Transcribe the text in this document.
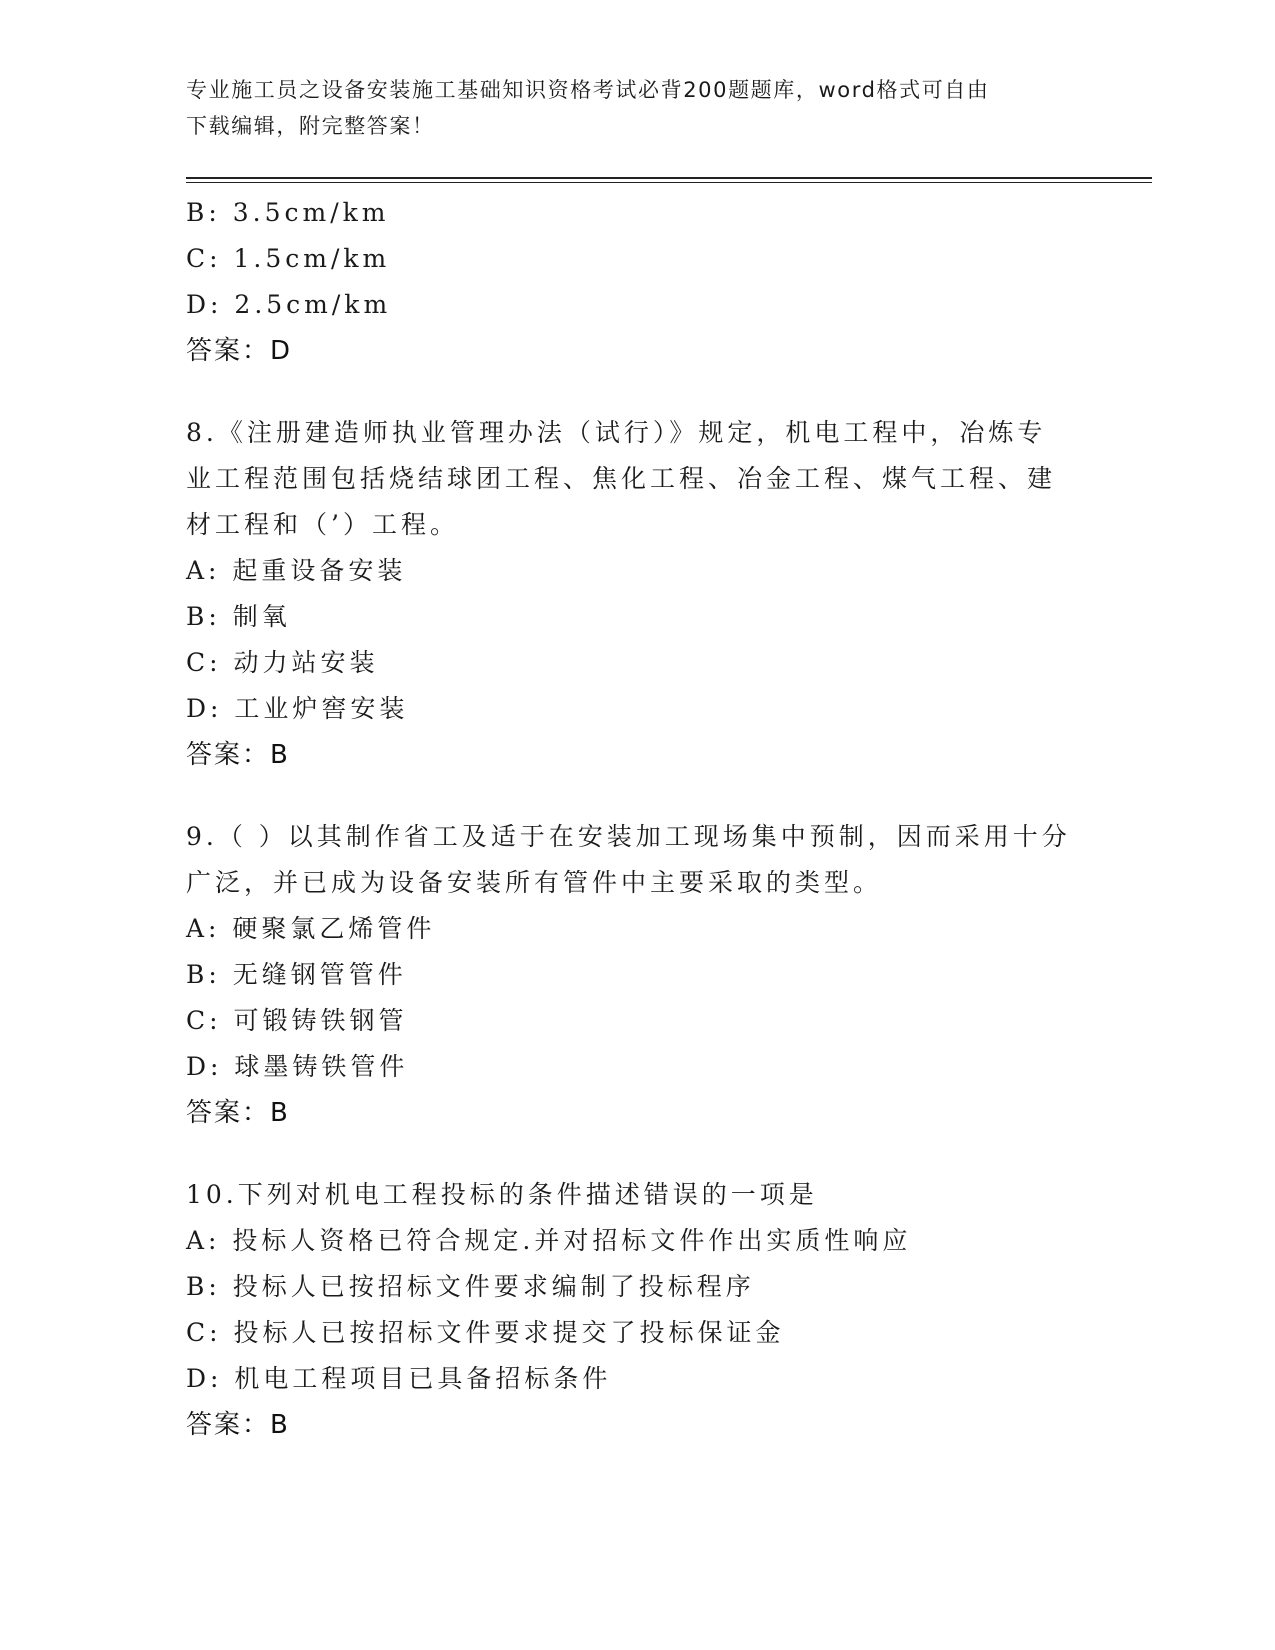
专业施工员之设备安装施工基础知识资格考试必背200题题库，word格式可自由
下载编辑，附完整答案！
B: 3.5cm/km
C: 1.5cm/km
D: 2.5cm/km
答案：D
8.《注册建造师执业管理办法（试行）》规定，机电工程中，冶炼专
业工程范围包括烧结球团工程、焦化工程、冶金工程、煤气工程、建
材工程和（’）工程。
A: 起重设备安装
B: 制氧
C: 动力站安装
D: 工业炉窖安装
答案：B
9.（ ）以其制作省工及适于在安装加工现场集中预制，因而采用十分
广泛，并已成为设备安装所有管件中主要采取的类型。
A: 硬聚氯乙烯管件
B: 无缝钢管管件
C: 可锻铸铁钢管
D: 球墨铸铁管件
答案：B
10.下列对机电工程投标的条件描述错误的一项是
A: 投标人资格已符合规定.并对招标文件作出实质性响应
B: 投标人已按招标文件要求编制了投标程序
C: 投标人已按招标文件要求提交了投标保证金
D: 机电工程项目已具备招标条件
答案：B
